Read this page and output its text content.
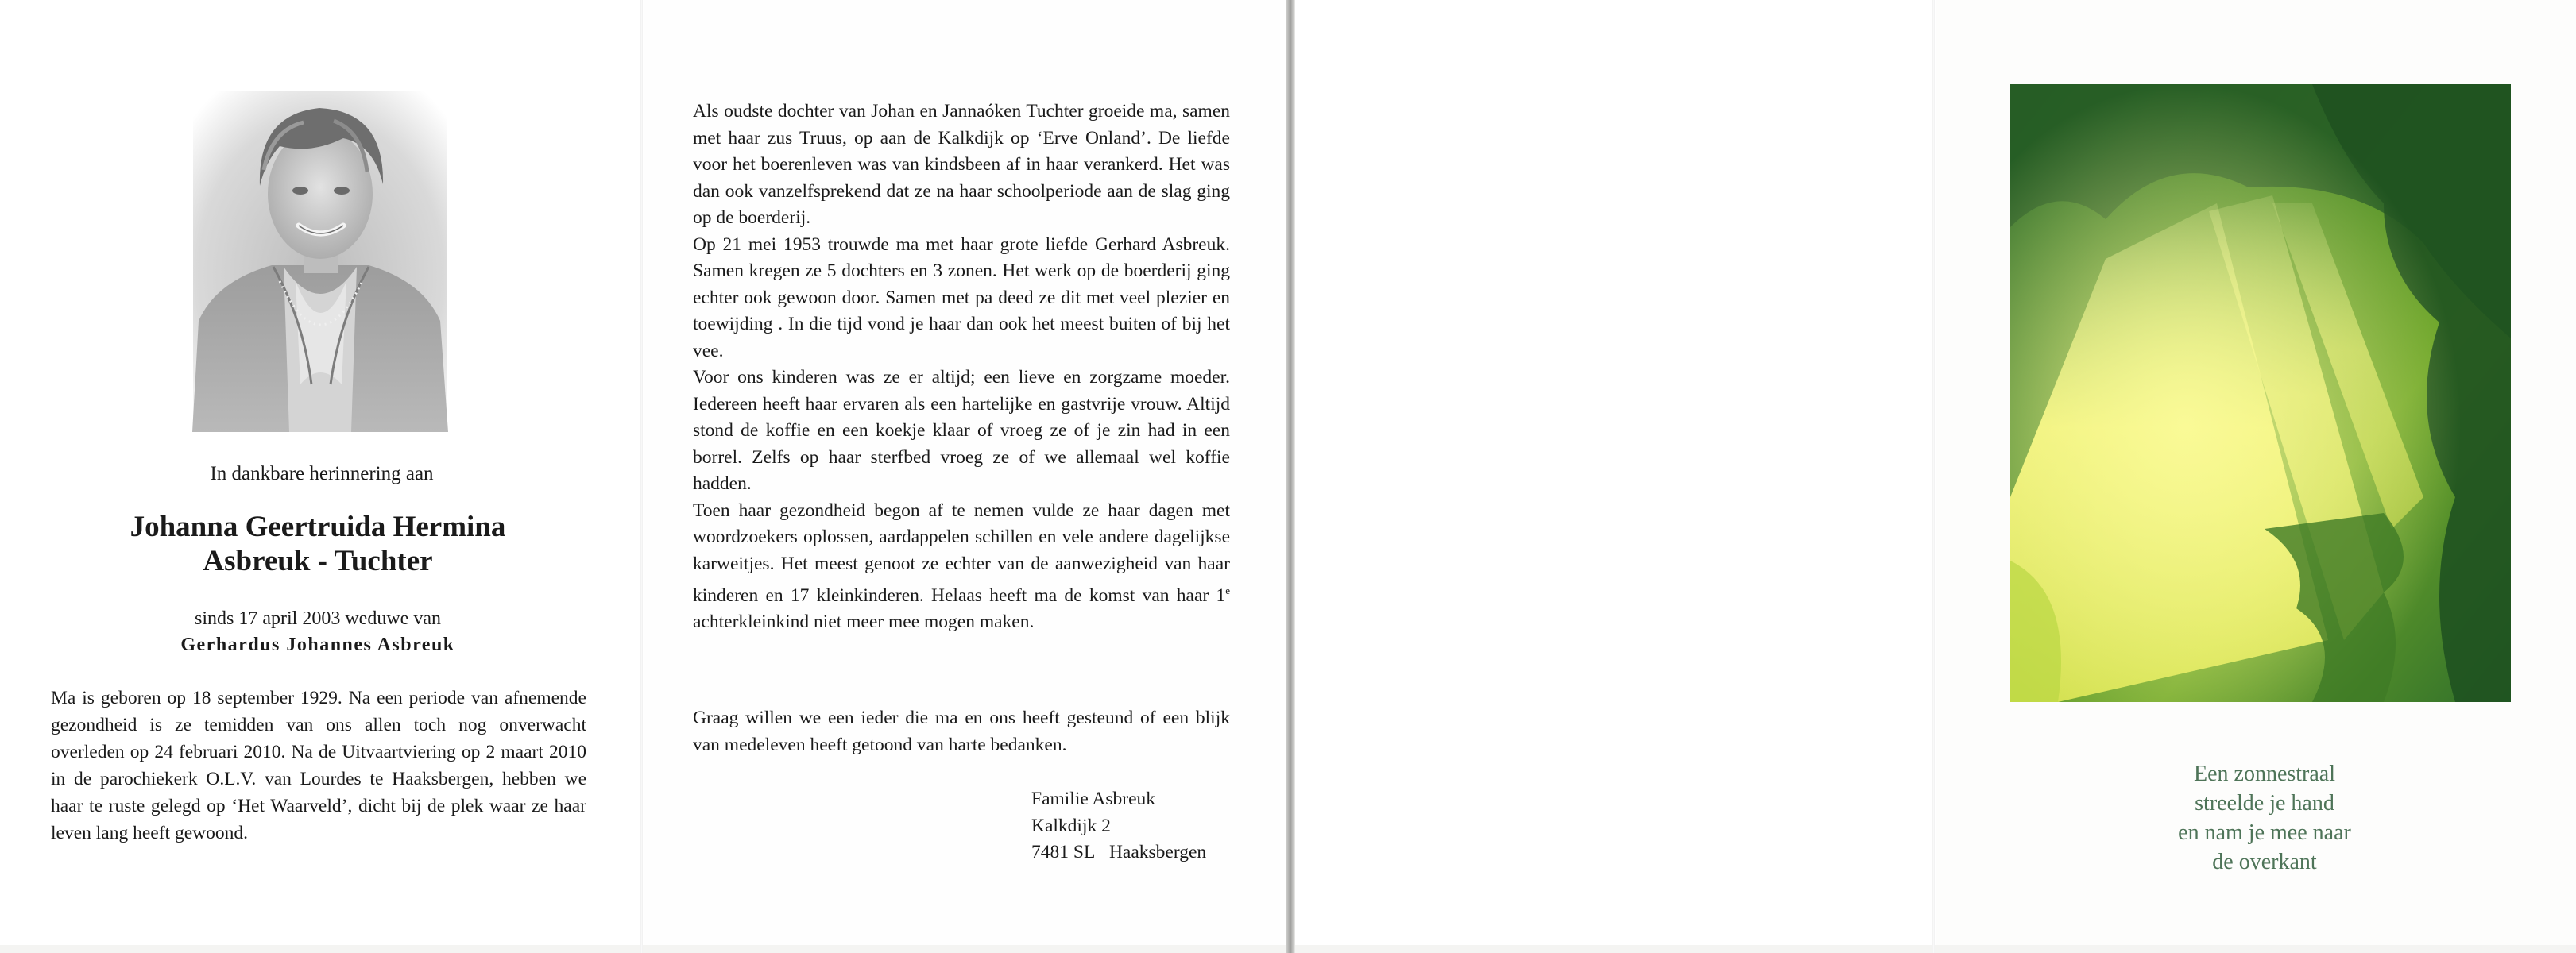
In dankbare herinnering aan
Johanna Geertruida Hermina
Asbreuk - Tuchter
sinds 17 april 2003 weduwe van
Gerhardus Johannes Asbreuk

Ma is geboren op 18 september 1929. Na een periode van afnemende gezondheid is ze temidden van ons allen toch nog onverwacht overleden op 24 februari 2010. Na de Uitvaartviering op 2 maart 2010 in de parochiekerk O.L.V. van Lourdes te Haaksbergen, hebben we haar te ruste gelegd op ‘Het Waarveld’, dicht bij de plek waar ze haar leven lang heeft gewoond.

Als oudste dochter van Johan en Jannaóken Tuchter groeide ma, samen met haar zus Truus, op aan de Kalkdijk op ‘Erve Onland’. De liefde voor het boerenleven was van kindsbeen af in haar verankerd. Het was dan ook vanzelfsprekend dat ze na haar schoolperiode aan de slag ging op de boerderij.
Op 21 mei 1953 trouwde ma met haar grote liefde Gerhard Asbreuk. Samen kregen ze 5 dochters en 3 zonen. Het werk op de boerderij ging echter ook gewoon door. Samen met pa deed ze dit met veel plezier en toewijding . In die tijd vond je haar dan ook het meest buiten of bij het vee.
Voor ons kinderen was ze er altijd; een lieve en zorgzame moeder. Iedereen heeft haar ervaren als een hartelijke en gastvrije vrouw. Altijd stond de koffie en een koekje klaar of vroeg ze of je zin had in een borrel. Zelfs op haar sterfbed vroeg ze of we allemaal wel koffie hadden.
Toen haar gezondheid begon af te nemen vulde ze haar dagen met woordzoekers oplossen, aardappelen schillen en vele andere dagelijkse karweitjes. Het meest genoot ze echter van de aanwezigheid van haar kinderen en 17 kleinkinderen. Helaas heeft ma de komst van haar 1e achterkleinkind niet meer mee mogen maken.

Graag willen we een ieder die ma en ons heeft gesteund of een blijk van medeleven heeft getoond van harte bedanken.

Familie Asbreuk
Kalkdijk 2
7481 SL Haaksbergen
Een zonnestraal
streelde je hand
en nam je mee naar
de overkant
